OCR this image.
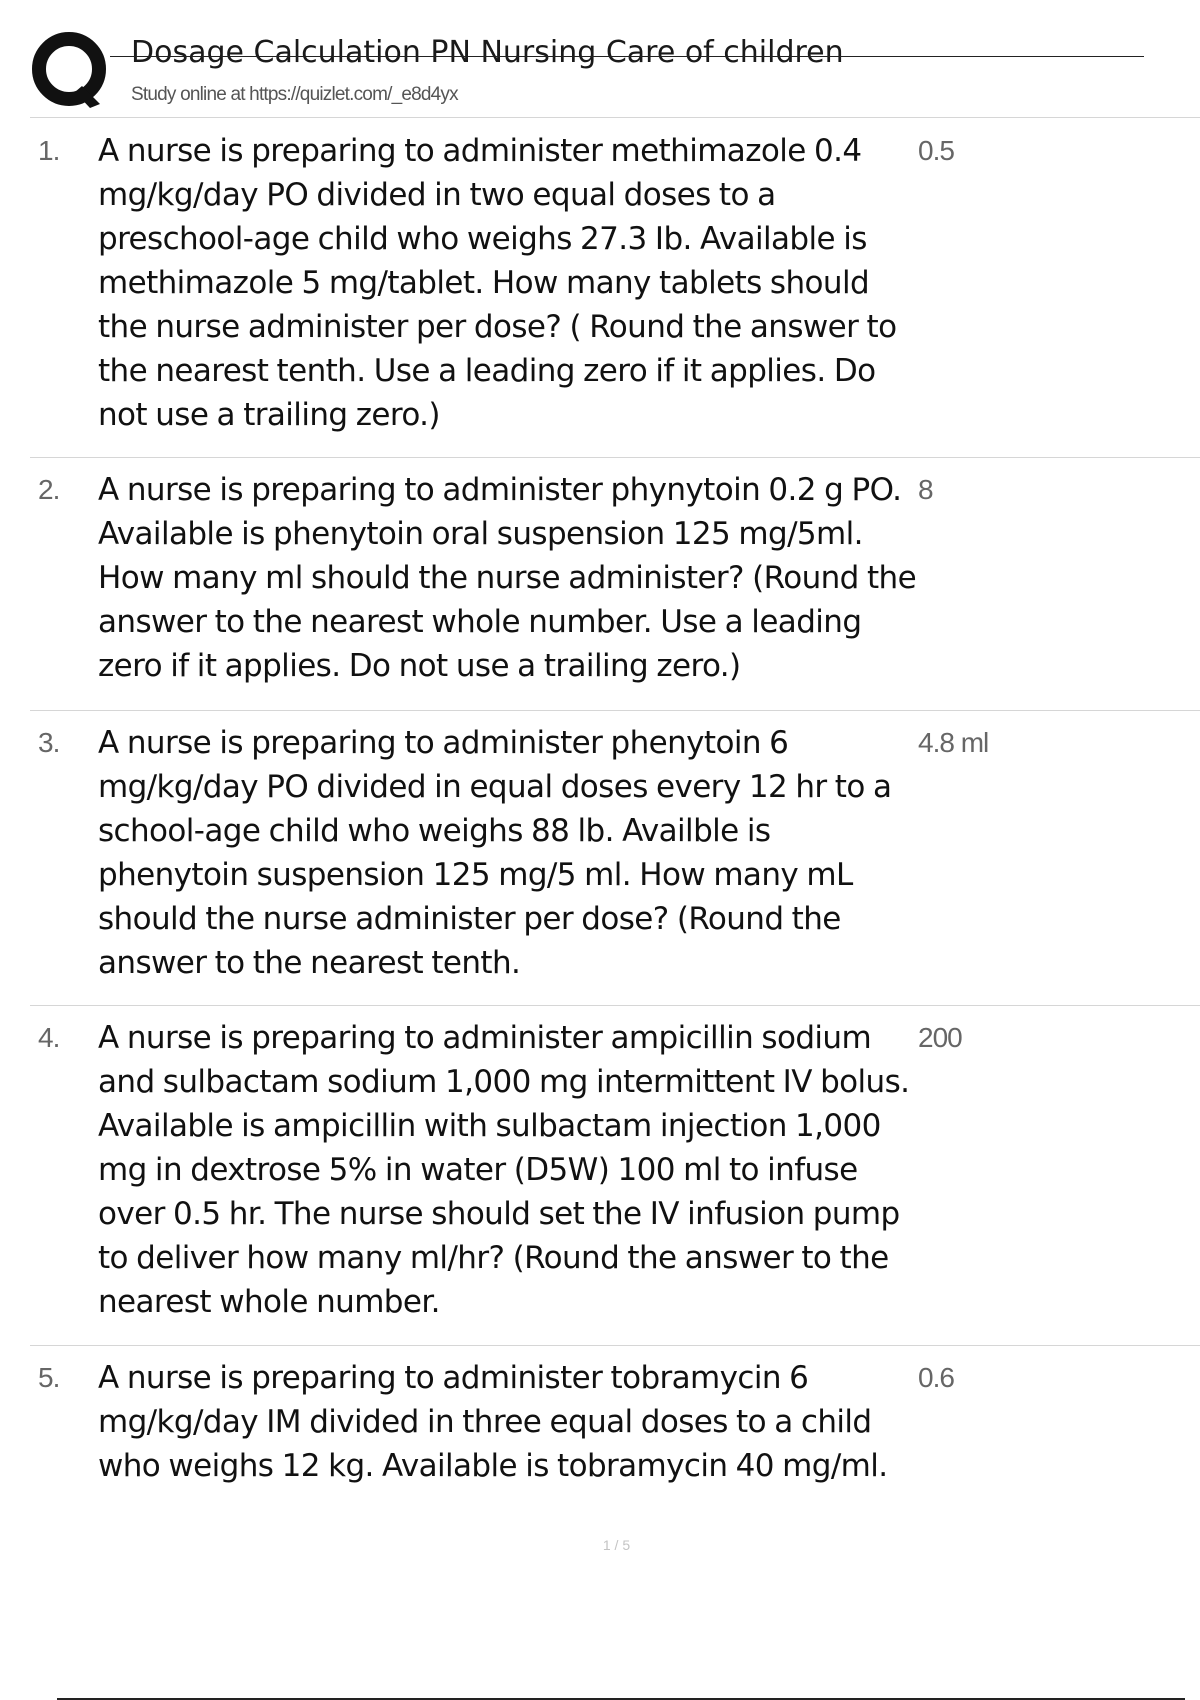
Dosage Calculation PN Nursing Care of children
Study online at https://quizlet.com/_e8d4yx
1. A nurse is preparing to administer methimazole 0.4 mg/kg/day PO divided in two equal doses to a preschool-age child who weighs 27.3 Ib. Available is methimazole 5 mg/tablet. How many tablets should the nurse administer per dose? ( Round the answer to the nearest tenth. Use a leading zero if it applies. Do not use a trailing zero.)

0.5
2. A nurse is preparing to administer phynytoin 0.2 g PO. Available is phenytoin oral suspension 125 mg/5ml. How many ml should the nurse administer? (Round the answer to the nearest whole number. Use a leading zero if it applies. Do not use a trailing zero.)

8
3. A nurse is preparing to administer phenytoin 6 mg/kg/day PO divided in equal doses every 12 hr to a school-age child who weighs 88 lb. Availble is phenytoin suspension 125 mg/5 ml. How many mL should the nurse administer per dose? (Round the answer to the nearest tenth.

4.8 ml
4. A nurse is preparing to administer ampicillin sodium and sulbactam sodium 1,000 mg intermittent IV bolus. Available is ampicillin with sulbactam injection 1,000 mg in dextrose 5% in water (D5W) 100 ml to infuse over 0.5 hr. The nurse should set the IV infusion pump to deliver how many ml/hr? (Round the answer to the nearest whole number.

200
5. A nurse is preparing to administer tobramycin 6 mg/kg/day IM divided in three equal doses to a child who weighs 12 kg. Available is tobramycin 40 mg/ml.

0.6
1 / 5
